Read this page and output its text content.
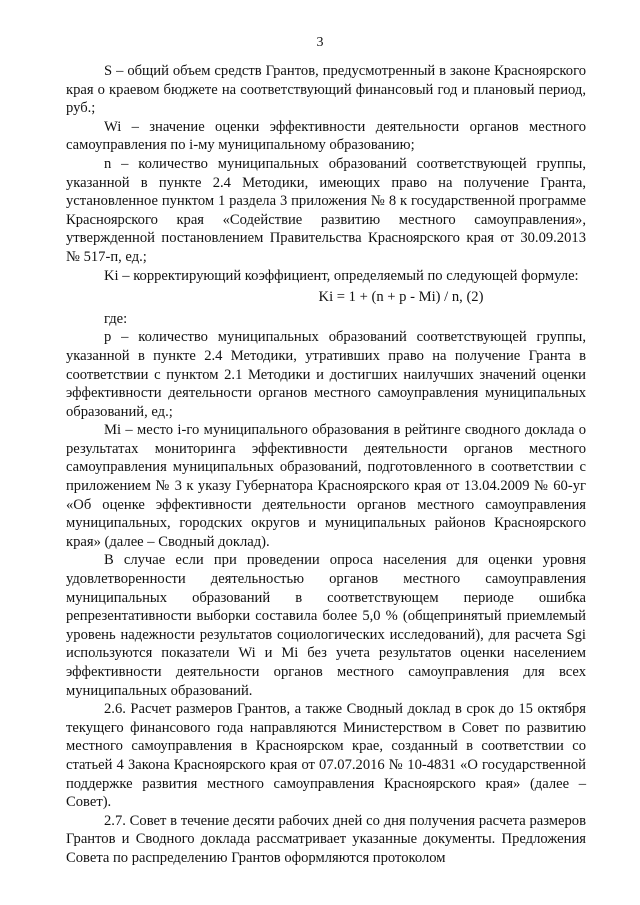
3

S – общий объем средств Грантов, предусмотренный в законе Красноярского края о краевом бюджете на соответствующий финансовый год и плановый период, руб.;

Wi – значение оценки эффективности деятельности органов местного самоуправления по i-му муниципальному образованию;

n – количество муниципальных образований соответствующей группы, указанной в пункте 2.4 Методики, имеющих право на получение Гранта, установленное пунктом 1 раздела 3 приложения № 8 к государственной программе Красноярского края «Содействие развитию местного самоуправления», утвержденной постановлением Правительства Красноярского края от 30.09.2013 № 517-п, ед.;

Ki – корректирующий коэффициент, определяемый по следующей формуле:

Ki = 1 + (n + p - Mi) / n, (2)

где:

p – количество муниципальных образований соответствующей группы, указанной в пункте 2.4 Методики, утративших право на получение Гранта в соответствии с пунктом 2.1 Методики и достигших наилучших значений оценки эффективности деятельности органов местного самоуправления муниципальных образований, ед.;

Mi – место i-го муниципального образования в рейтинге сводного доклада о результатах мониторинга эффективности деятельности органов местного самоуправления муниципальных образований, подготовленного в соответствии с приложением № 3 к указу Губернатора Красноярского края от 13.04.2009 № 60-уг «Об оценке эффективности деятельности органов местного самоуправления муниципальных, городских округов и муниципальных районов Красноярского края» (далее – Сводный доклад).

В случае если при проведении опроса населения для оценки уровня удовлетворенности деятельностью органов местного самоуправления муниципальных образований в соответствующем периоде ошибка репрезентативности выборки составила более 5,0 % (общепринятый приемлемый уровень надежности результатов социологических исследований), для расчета Sgi используются показатели Wi и Mi без учета результатов оценки населением эффективности деятельности органов местного самоуправления для всех муниципальных образований.

2.6. Расчет размеров Грантов, а также Сводный доклад в срок до 15 октября текущего финансового года направляются Министерством в Совет по развитию местного самоуправления в Красноярском крае, созданный в соответствии со статьей 4 Закона Красноярского края от 07.07.2016 № 10-4831 «О государственной поддержке развития местного самоуправления Красноярского края» (далее – Совет).

2.7. Совет в течение десяти рабочих дней со дня получения расчета размеров Грантов и Сводного доклада рассматривает указанные документы. Предложения Совета по распределению Грантов оформляются протоколом
